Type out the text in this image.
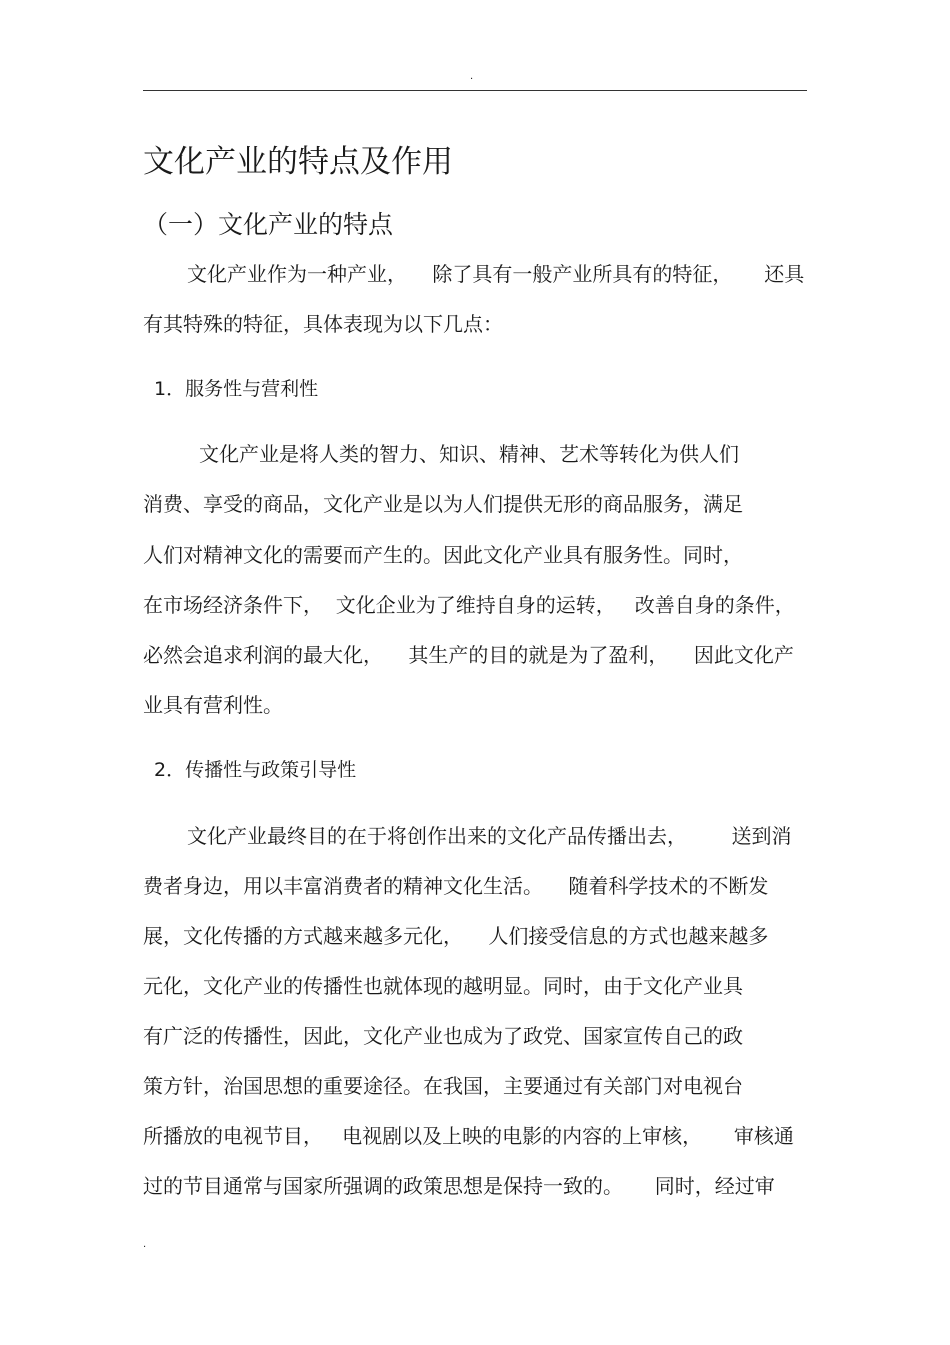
.
文化产业的特点及作用
（一）文化产业的特点
文化产业作为一种产业，    除了具有一般产业所具有的特征，     还具
有其特殊的特征，具体表现为以下几点：
1．服务性与营利性
文化产业是将人类的智力、知识、精神、艺术等转化为供人们
消费、享受的商品，文化产业是以为人们提供无形的商品服务，满足
人们对精神文化的需要而产生的。因此文化产业具有服务性。同时，
在市场经济条件下，  文化企业为了维持自身的运转，   改善自身的条件，
必然会追求利润的最大化，    其生产的目的就是为了盈利，    因此文化产
业具有营利性。
2．传播性与政策引导性
文化产业最终目的在于将创作出来的文化产品传播出去，       送到消
费者身边，用以丰富消费者的精神文化生活。    随着科学技术的不断发
展，文化传播的方式越来越多元化，    人们接受信息的方式也越来越多
元化，文化产业的传播性也就体现的越明显。同时，由于文化产业具
有广泛的传播性，因此，文化产业也成为了政党、国家宣传自己的政
策方针，治国思想的重要途径。在我国，主要通过有关部门对电视台
所播放的电视节目，   电视剧以及上映的电影的内容的上审核，     审核通
过的节目通常与国家所强调的政策思想是保持一致的。     同时，经过审
.
